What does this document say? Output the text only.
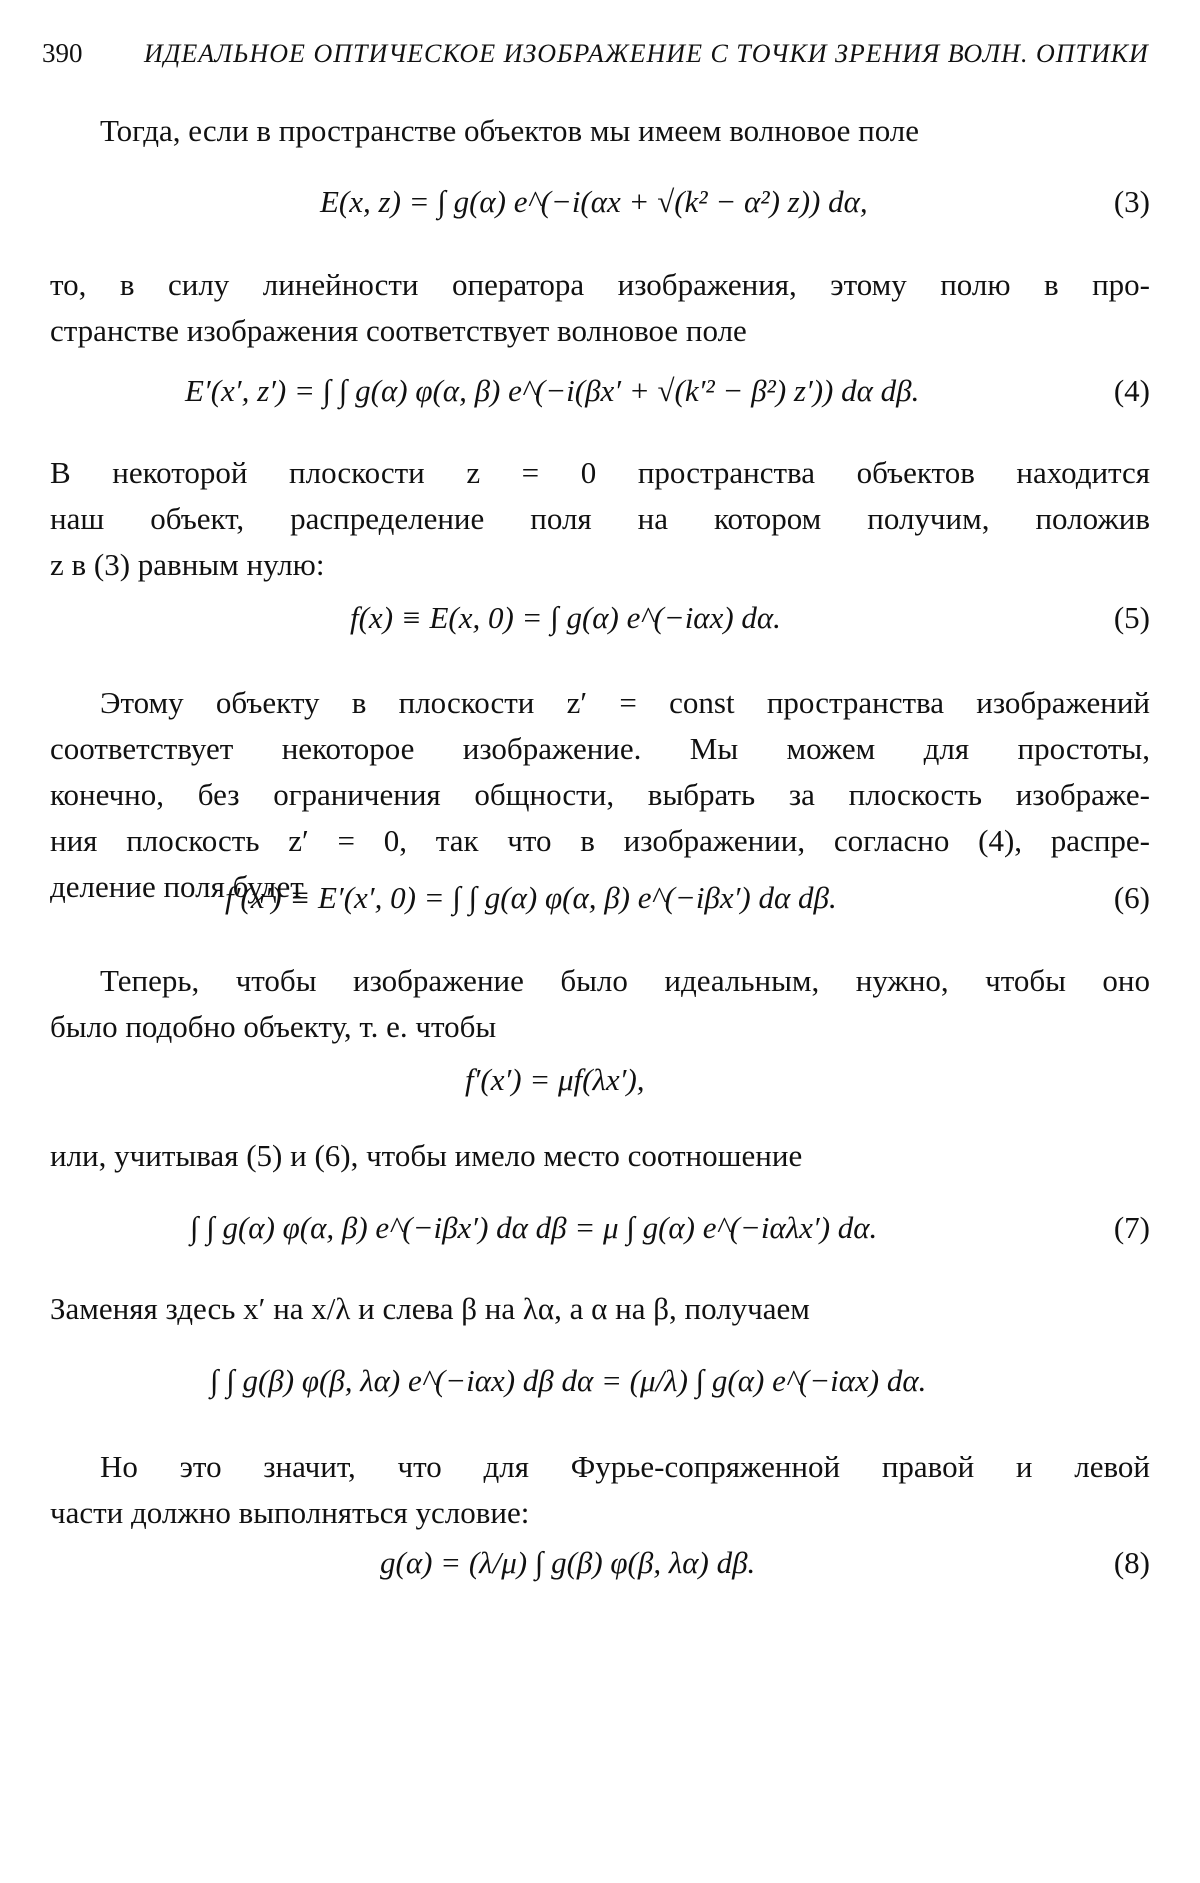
390	ИДЕАЛЬНОЕ ОПТИЧЕСКОЕ ИЗОБРАЖЕНИЕ С ТОЧКИ ЗРЕНИЯ ВОЛН. ОПТИКИ
Тогда, если в пространстве объектов мы имеем волновое поле
E(x, z) = ∫ g(α) e^(−i(αx + √(k² − α²) z)) dα,	(3)
то, в силу линейности оператора изображения, этому полю в про-
странстве изображения соответствует волновое поле
E′(x′, z′) = ∫ ∫ g(α) φ(α, β) e^(−i(βx′ + √(k′² − β²) z′)) dα dβ.	(4)
В некоторой плоскости z = 0 пространства объектов находится
наш объект, распределение поля на котором получим, положив
z в (3) равным нулю:
f(x) ≡ E(x, 0) = ∫ g(α) e^(−iαx) dα.	(5)
Этому объекту в плоскости z′ = const пространства изображений
соответствует некоторое изображение. Мы можем для простоты,
конечно, без ограничения общности, выбрать за плоскость изображе-
ния плоскость z′ = 0, так что в изображении, согласно (4), распре-
деление поля будет
f′(x′) ≡ E′(x′, 0) = ∫ ∫ g(α) φ(α, β) e^(−iβx′) dα dβ.	(6)
Теперь, чтобы изображение было идеальным, нужно, чтобы оно
было подобно объекту, т. е. чтобы
f′(x′) = μf(λx′),
или, учитывая (5) и (6), чтобы имело место соотношение
∫ ∫ g(α) φ(α, β) e^(−iβx′) dα dβ = μ ∫ g(α) e^(−iαλx′) dα.	(7)
Заменяя здесь x′ на x/λ и слева β на λα, а α на β, получаем
∫ ∫ g(β) φ(β, λα) e^(−iαx) dβ dα = (μ/λ) ∫ g(α) e^(−iαx) dα.
Но это значит, что для Фурье-сопряженной правой и левой
части должно выполняться условие:
g(α) = (λ/μ) ∫ g(β) φ(β, λα) dβ.	(8)
